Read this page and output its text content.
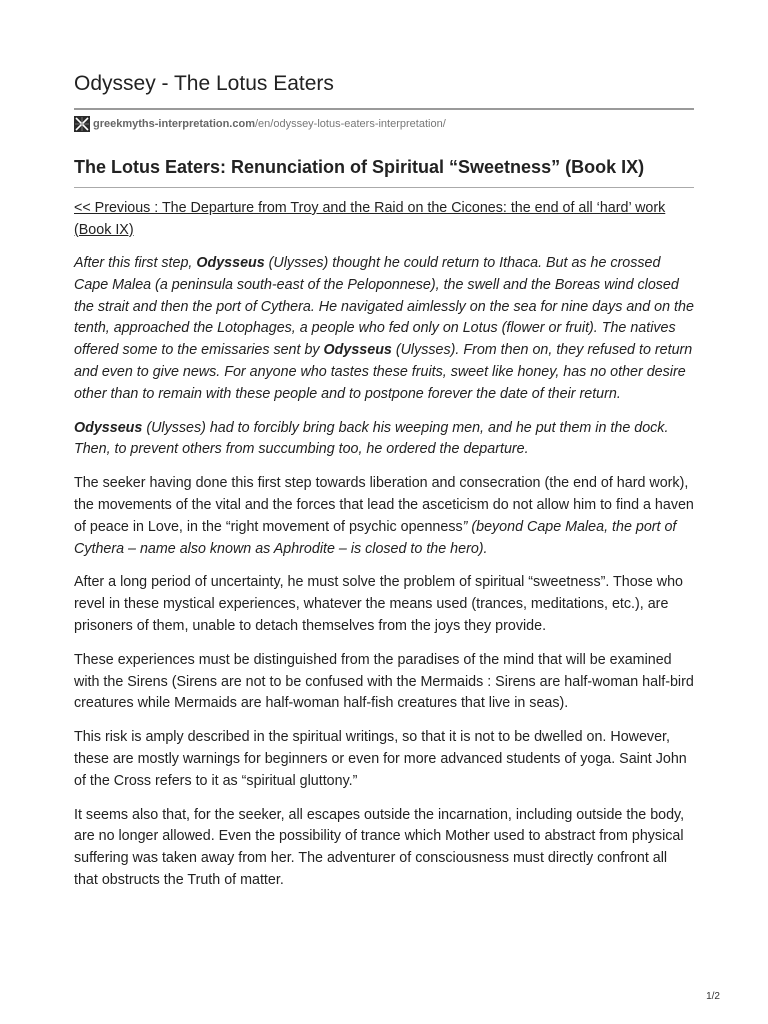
Odyssey - The Lotus Eaters
greekmyths-interpretation.com /en/odyssey-lotus-eaters-interpretation/
The Lotus Eaters: Renunciation of Spiritual “Sweetness” (Book IX)
<< Previous : The Departure from Troy and the Raid on the Cicones: the end of all ‘hard’ work (Book IX)

After this first step, Odysseus (Ulysses) thought he could return to Ithaca. But as he crossed Cape Malea (a peninsula south-east of the Peloponnese), the swell and the Boreas wind closed the strait and then the port of Cythera. He navigated aimlessly on the sea for nine days and on the tenth, approached the Lotophages, a people who fed only on Lotus (flower or fruit). The natives offered some to the emissaries sent by Odysseus (Ulysses). From then on, they refused to return and even to give news. For anyone who tastes these fruits, sweet like honey, has no other desire other than to remain with these people and to postpone forever the date of their return.

Odysseus (Ulysses) had to forcibly bring back his weeping men, and he put them in the dock. Then, to prevent others from succumbing too, he ordered the departure.

The seeker having done this first step towards liberation and consecration (the end of hard work), the movements of the vital and the forces that lead the asceticism do not allow him to find a haven of peace in Love, in the “right movement of psychic openness” (beyond Cape Malea, the port of Cythera – name also known as Aphrodite – is closed to the hero).

After a long period of uncertainty, he must solve the problem of spiritual “sweetness”. Those who revel in these mystical experiences, whatever the means used (trances, meditations, etc.), are prisoners of them, unable to detach themselves from the joys they provide.

These experiences must be distinguished from the paradises of the mind that will be examined with the Sirens (Sirens are not to be confused with the Mermaids : Sirens are half-woman half-bird creatures while Mermaids are half-woman half-fish creatures that live in seas).

This risk is amply described in the spiritual writings, so that it is not to be dwelled on. However, these are mostly warnings for beginners or even for more advanced students of yoga. Saint John of the Cross refers to it as “spiritual gluttony.”

It seems also that, for the seeker, all escapes outside the incarnation, including outside the body, are no longer allowed. Even the possibility of trance which Mother used to abstract from physical suffering was taken away from her. The adventurer of consciousness must directly confront all that obstructs the Truth of matter.

1/2
